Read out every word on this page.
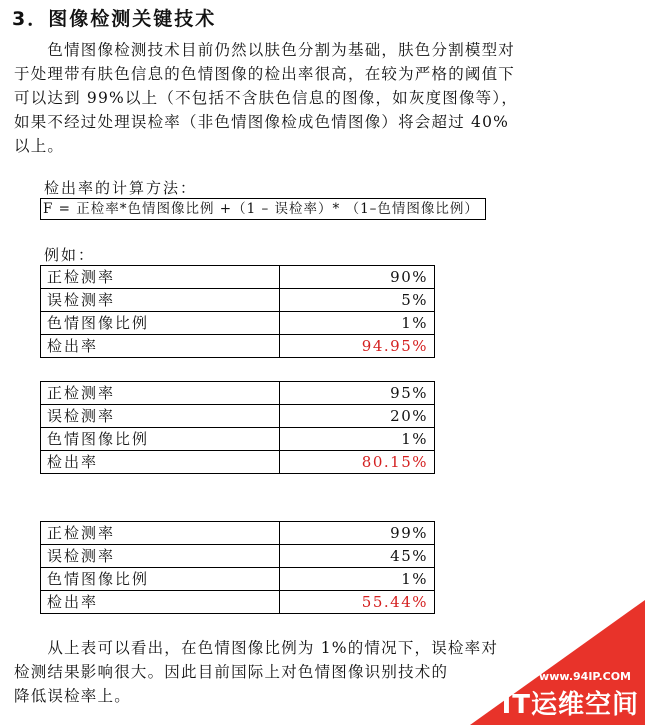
3．图像检测关键技术
　　色情图像检测技术目前仍然以肤色分割为基础，肤色分割模型对
于处理带有肤色信息的色情图像的检出率很高，在较为严格的阈值下
可以达到 99%以上（不包括不含肤色信息的图像，如灰度图像等），
如果不经过处理误检率（非色情图像检成色情图像）将会超过 40%
以上。
检出率的计算方法：
F = 正检率*色情图像比例 +（1 – 误检率）* （1–色情图像比例）
例如：
正检测率	90%
误检测率	5%
色情图像比例	1%
检出率	94.95%
正检测率	95%
误检测率	20%
色情图像比例	1%
检出率	80.15%
正检测率	99%
误检测率	45%
色情图像比例	1%
检出率	55.44%
　　从上表可以看出，在色情图像比例为 1%的情况下，误检率对
检测结果影响很大。因此目前国际上对色情图像识别技术的
降低误检率上。
www.94IP.COM
IT运维空间
